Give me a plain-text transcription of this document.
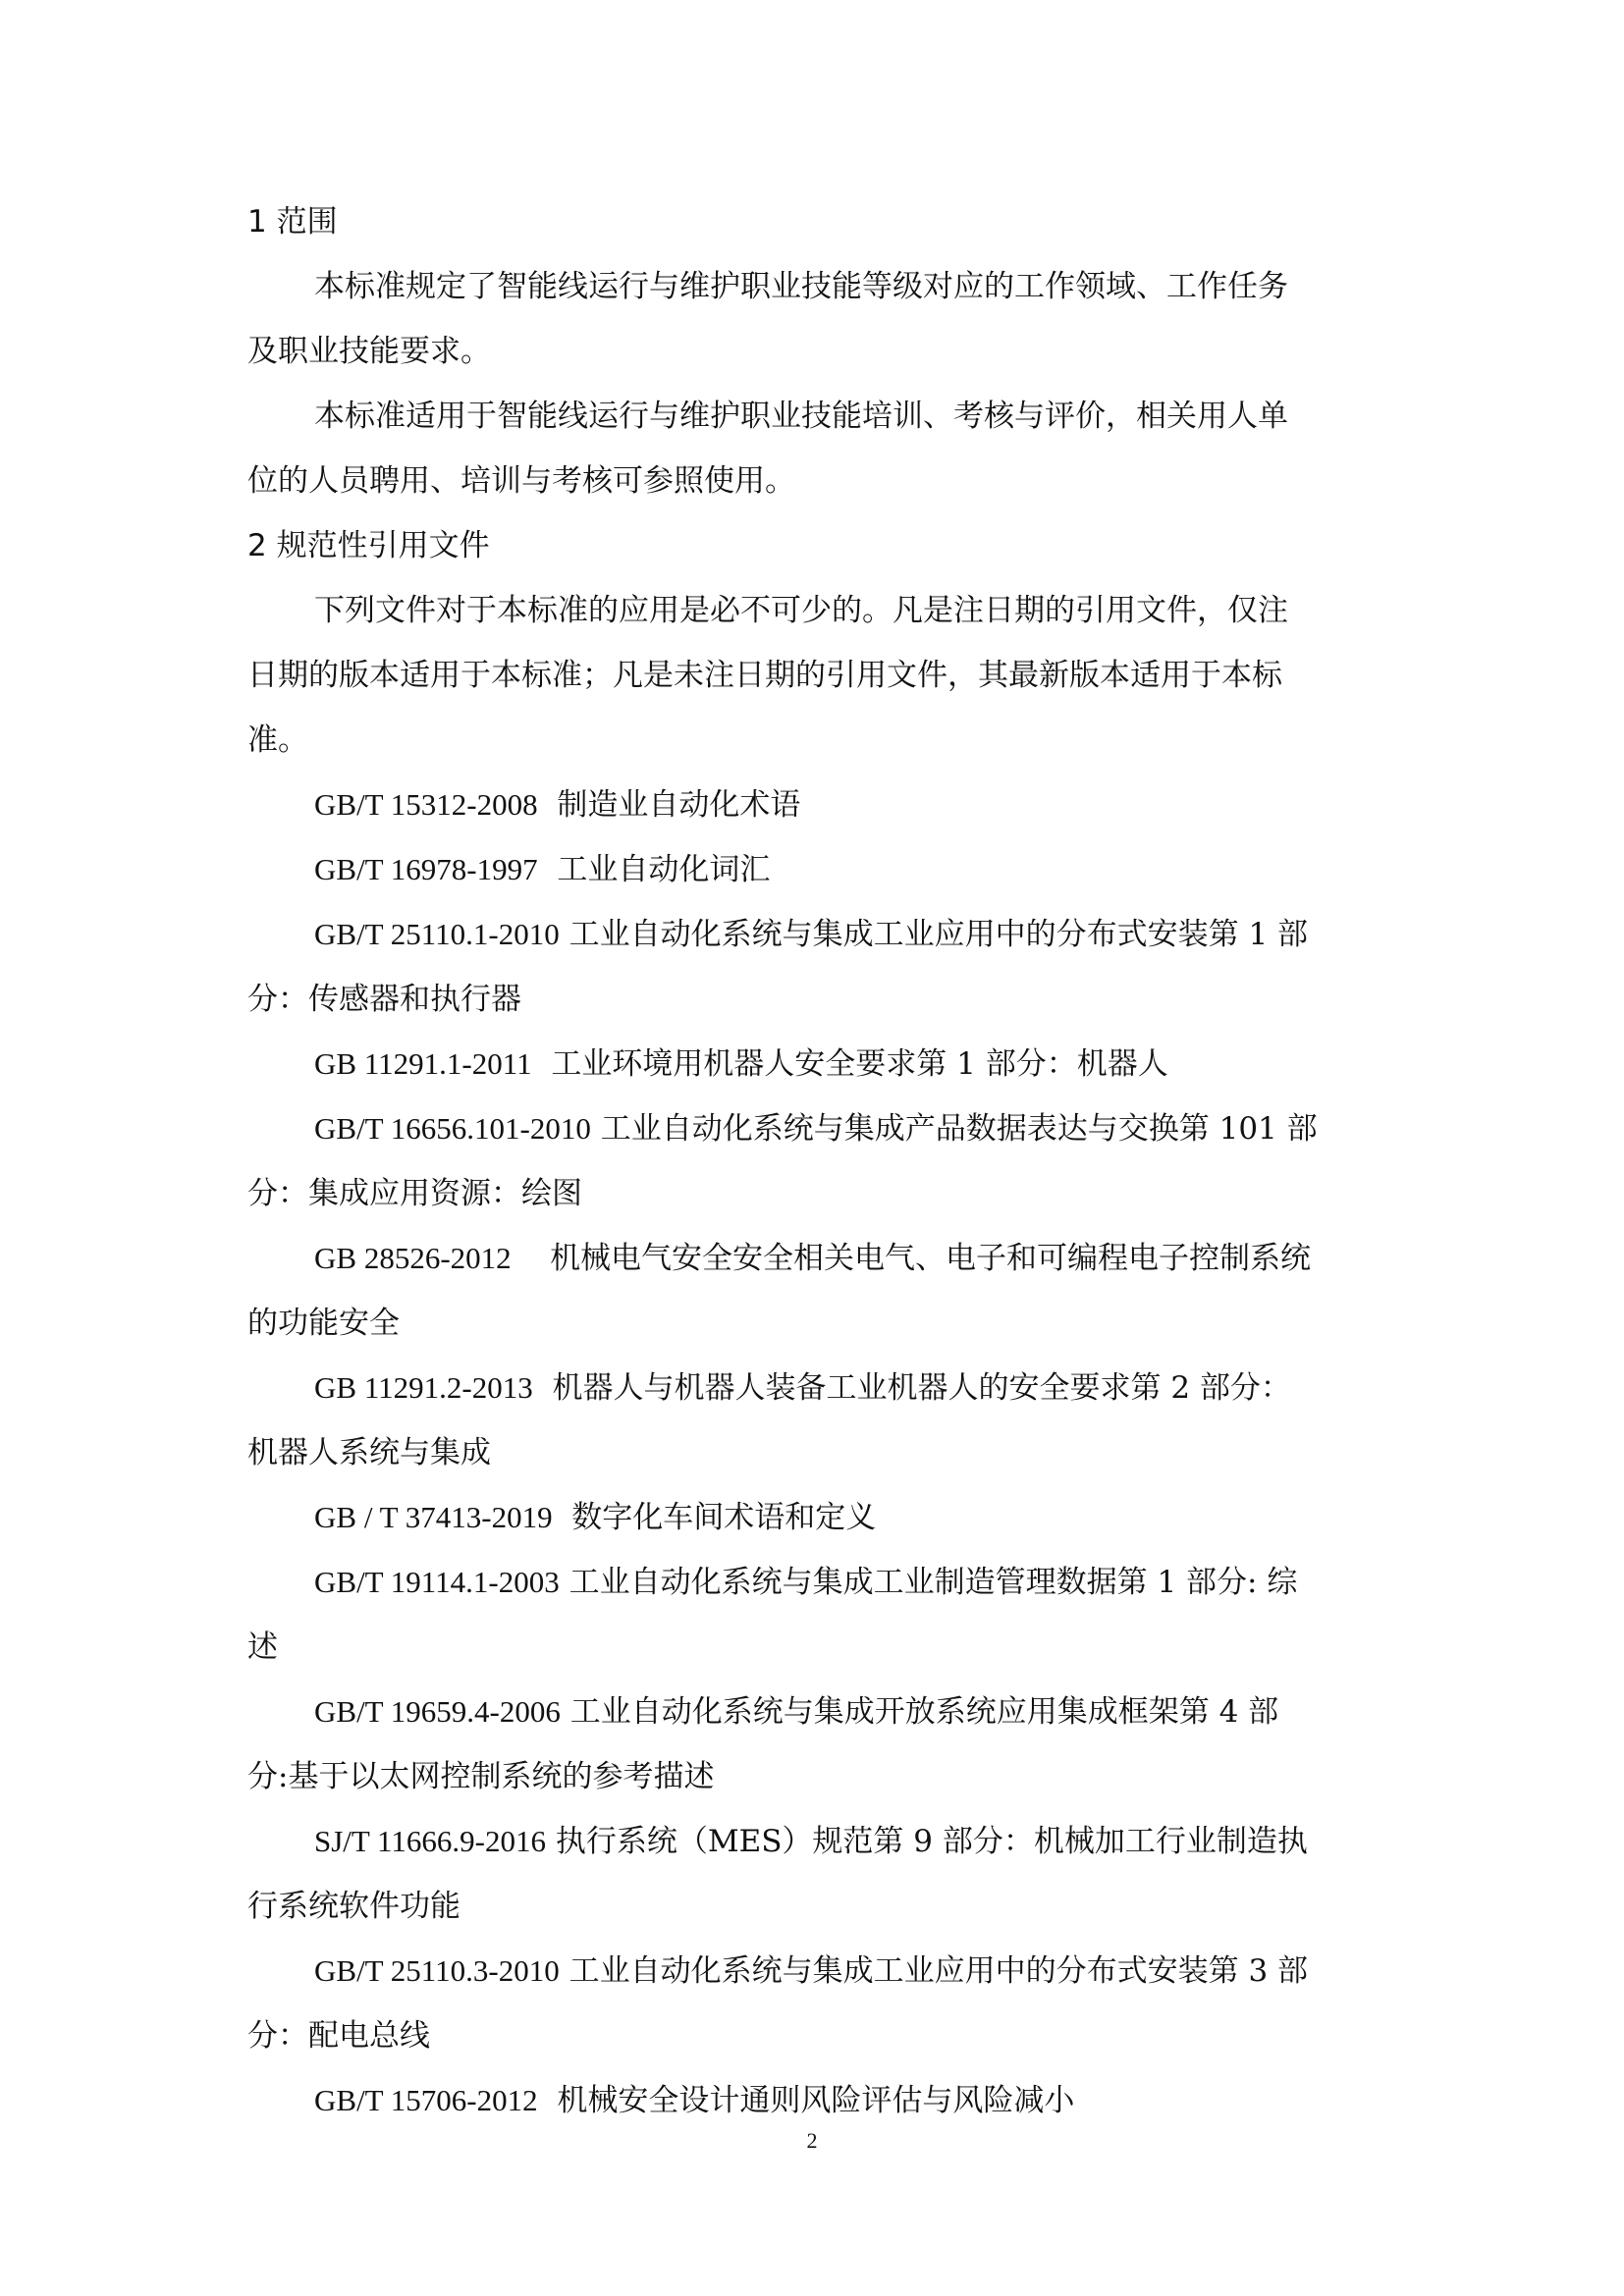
1 范围
本标准规定了智能线运行与维护职业技能等级对应的工作领域、工作任务
及职业技能要求。
本标准适用于智能线运行与维护职业技能培训、考核与评价，相关用人单
位的人员聘用、培训与考核可参照使用。
2 规范性引用文件
下列文件对于本标准的应用是必不可少的。凡是注日期的引用文件，仅注
日期的版本适用于本标准；凡是未注日期的引用文件，其最新版本适用于本标
准。
GB/T 15312-2008 制造业自动化术语
GB/T 16978-1997 工业自动化词汇
GB/T 25110.1-2010 工业自动化系统与集成工业应用中的分布式安装第 1 部
分：传感器和执行器
GB 11291.1-2011 工业环境用机器人安全要求第 1 部分：机器人
GB/T 16656.101-2010 工业自动化系统与集成产品数据表达与交换第 101 部
分：集成应用资源：绘图
GB 28526-2012 机械电气安全安全相关电气、电子和可编程电子控制系统
的功能安全
GB 11291.2-2013 机器人与机器人装备工业机器人的安全要求第 2 部分：
机器人系统与集成
GB / T 37413-2019 数字化车间术语和定义
GB/T 19114.1-2003 工业自动化系统与集成工业制造管理数据第 1 部分: 综
述
GB/T 19659.4-2006 工业自动化系统与集成开放系统应用集成框架第 4 部
分:基于以太网控制系统的参考描述
SJ/T 11666.9-2016 执行系统（MES）规范第 9 部分：机械加工行业制造执
行系统软件功能
GB/T 25110.3-2010 工业自动化系统与集成工业应用中的分布式安装第 3 部
分：配电总线
GB/T 15706-2012 机械安全设计通则风险评估与风险减小
2
